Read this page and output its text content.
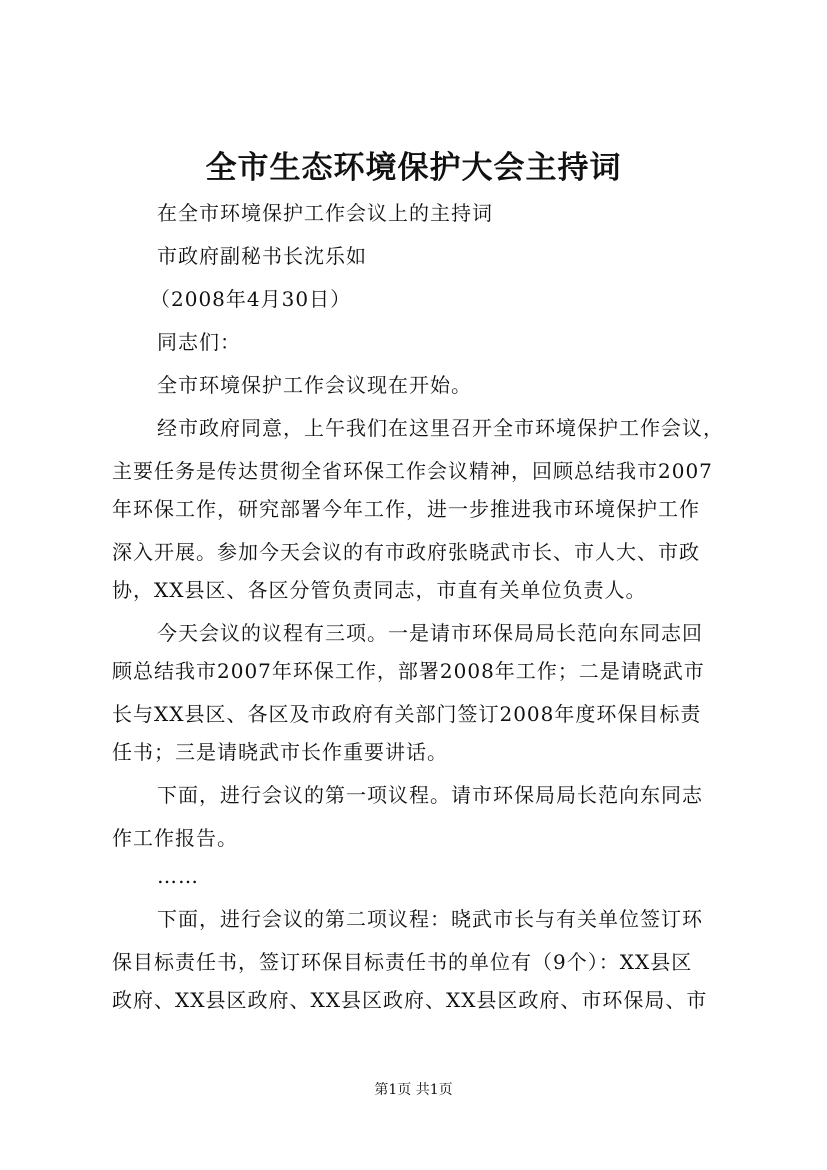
全市生态环境保护大会主持词
在全市环境保护工作会议上的主持词
市政府副秘书长沈乐如
（2008年4月30日）
同志们：
全市环境保护工作会议现在开始。
经市政府同意，上午我们在这里召开全市环境保护工作会议，
主要任务是传达贯彻全省环保工作会议精神，回顾总结我市2007
年环保工作，研究部署今年工作，进一步推进我市环境保护工作
深入开展。参加今天会议的有市政府张晓武市长、市人大、市政
协，XX县区、各区分管负责同志，市直有关单位负责人。
今天会议的议程有三项。一是请市环保局局长范向东同志回
顾总结我市2007年环保工作，部署2008年工作；二是请晓武市
长与XX县区、各区及市政府有关部门签订2008年度环保目标责
任书；三是请晓武市长作重要讲话。
下面，进行会议的第一项议程。请市环保局局长范向东同志
作工作报告。
……
下面，进行会议的第二项议程：晓武市长与有关单位签订环
保目标责任书，签订环保目标责任书的单位有（9个）：XX县区
政府、XX县区政府、XX县区政府、XX县区政府、市环保局、市
第1页 共1页
